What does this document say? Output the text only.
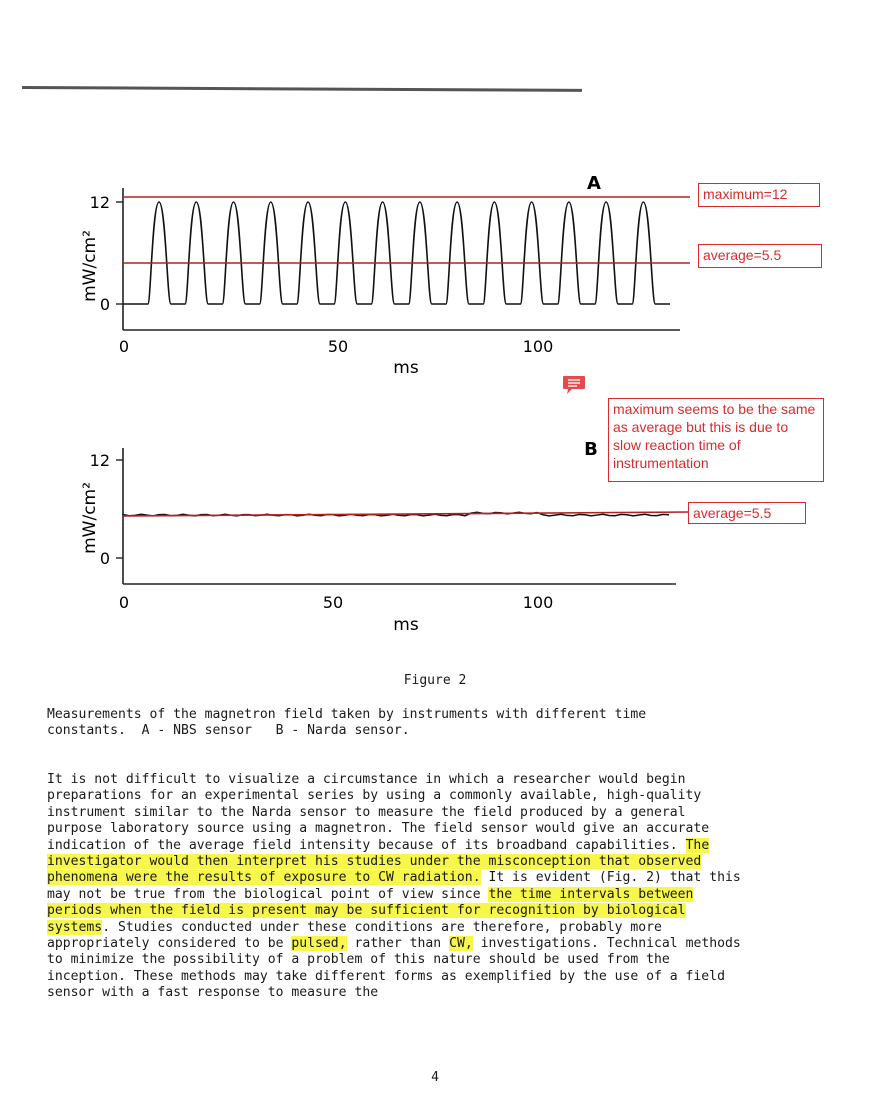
12
0
0	50	100
ms
mW/cm²
A
12
0
0	50	100
ms
mW/cm²
B
maximum=12
average=5.5
maximum seems to be the same as average but this is due to slow reaction time of instrumentation
average=5.5
Figure 2
Measurements of the magnetron field taken by instruments with different time
constants.  A - NBS sensor   B - Narda sensor.
It is not difficult to visualize a circumstance in which a researcher would begin preparations for an experimental series by using a commonly available, high-quality instrument similar to the Narda sensor to measure the field produced by a general purpose laboratory source using a magnetron. The field sensor would give an accurate indication of the average field intensity because of its broadband capabilities. The investigator would then interpret his studies under the misconception that observed phenomena were the results of exposure to CW radiation. It is evident (Fig. 2) that this may not be true from the biological point of view since the time intervals between periods when the field is present may be sufficient for recognition by biological systems. Studies conducted under these conditions are therefore, probably more appropriately considered to be pulsed, rather than CW, investigations. Technical methods to minimize the possibility of a problem of this nature should be used from the inception. These methods may take different forms as exemplified by the use of a field sensor with a fast response to measure the
4
